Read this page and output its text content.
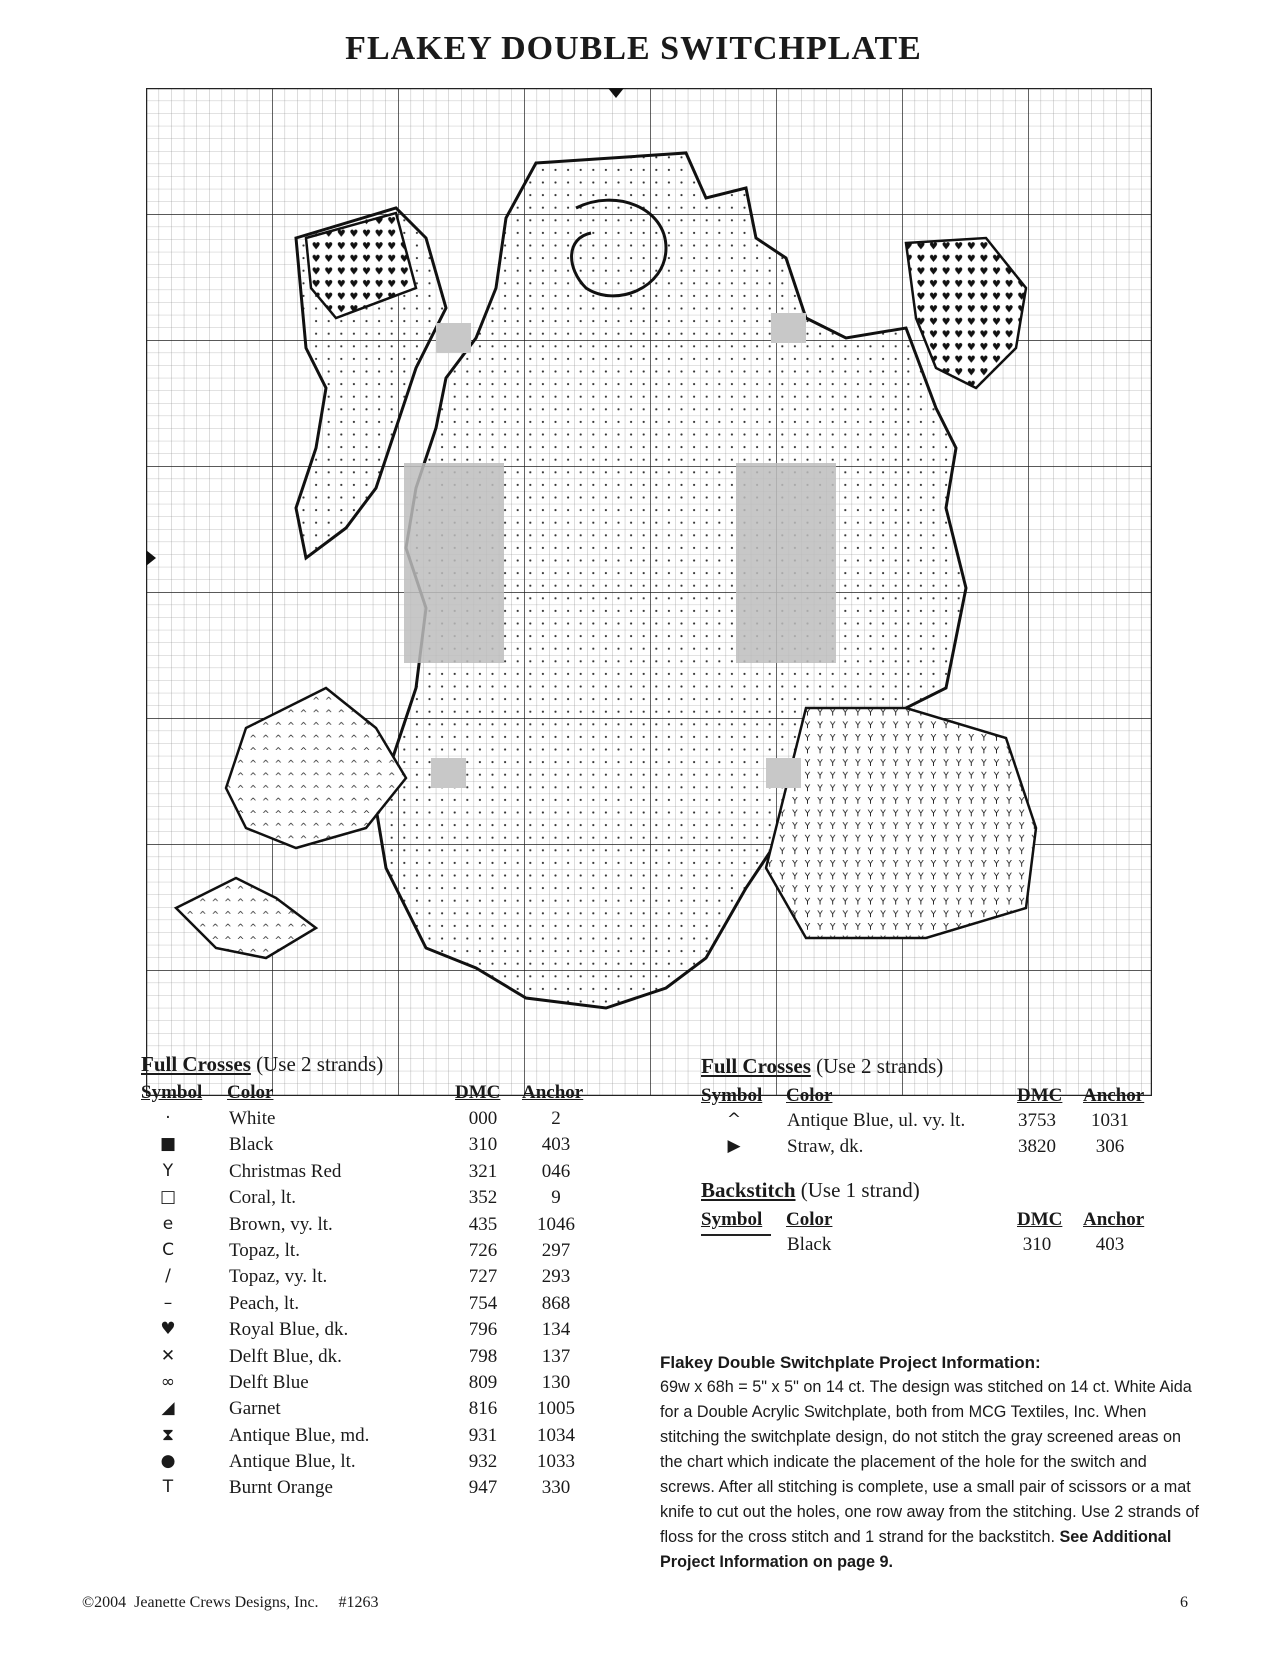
FLAKEY DOUBLE SWITCHPLATE
Full Crosses (Use 2 strands)
Symbol Color	DMC Anchor
·	White	000	2
■	Black	310	403
Y	Christmas Red	321	046
□	Coral, lt.	352	9
e	Brown, vy. lt.	435	1046
C	Topaz, lt.	726	297
/	Topaz, vy. lt.	727	293
–	Peach, lt.	754	868
♥	Royal Blue, dk.	796	134
✕	Delft Blue, dk.	798	137
∞	Delft Blue	809	130
◢	Garnet	816	1005
⧗	Antique Blue, md.	931	1034
●	Antique Blue, lt.	932	1033
T	Burnt Orange	947	330
Full Crosses (Use 2 strands)
Symbol Color	DMC Anchor
^	Antique Blue, ul. vy. lt.	3753	1031
▶	Straw, dk.	3820	306
Backstitch (Use 1 strand)
Symbol Color	DMC Anchor
Black	310	403
Flakey Double Switchplate Project Information:
69w x 68h = 5" x 5" on 14 ct. The design was stitched on 14 ct. White Aida for a Double Acrylic Switchplate, both from MCG Textiles, Inc. When stitching the switchplate design, do not stitch the gray screened areas on the chart which indicate the placement of the hole for the switch and screws. After all stitching is complete, use a small pair of scissors or a mat knife to cut out the holes, one row away from the stitching. Use 2 strands of floss for the cross stitch and 1 strand for the backstitch. See Additional Project Information on page 9.
©2004  Jeanette Crews Designs, Inc.     #1263	6
